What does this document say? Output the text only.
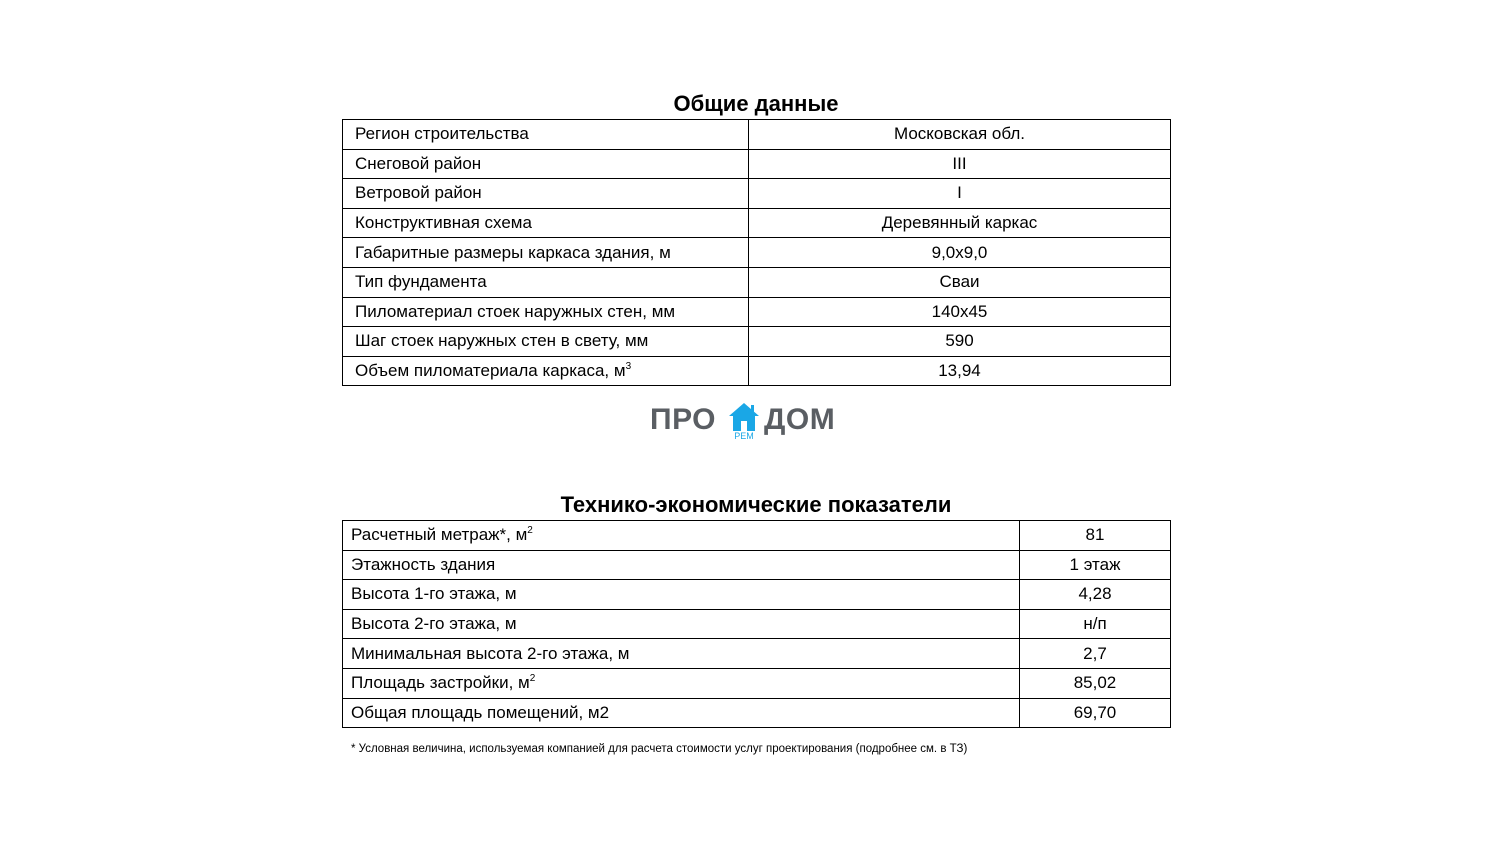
Общие данные
Регион строительства	Московская обл.
Снеговой район	III
Ветровой район	I
Конструктивная схема	Деревянный каркас
Габаритные размеры каркаса здания, м	9,0х9,0
Тип фундамента	Сваи
Пиломатериал стоек наружных стен, мм	140х45
Шаг стоек наружных стен в свету, мм	590
Объем пиломатериала каркаса, $м^3$	13,94
ПРО	РЕМ ДОМ
Технико-экономические показатели
Расчетный метраж*, $м^2$	81
Этажность здания	1 этаж
Высота 1-го этажа, м	4,28
Высота 2-го этажа, м	н/п
Минимальная высота 2-го этажа, м	2,7
Площадь застройки, $м^2$	85,02
Общая площадь помещений, м2	69,70

* Условная величина, используемая компанией для расчета стоимости услуг проектирования (подробнее см. в ТЗ)
